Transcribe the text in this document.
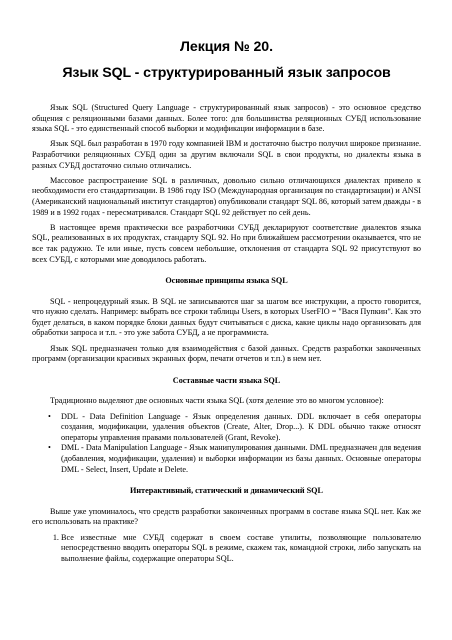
Лекция № 20.
Язык SQL - структурированный язык запросов

Язык SQL (Structured Query Language - структурированный язык запросов) - это основное средство общения с реляционными базами данных. Более того: для большинства реляционных СУБД использование языка SQL - это единственный способ выборки и модификации информации в базе.

Язык SQL был разработан в 1970 году компанией IBM и достаточно быстро получил широкое признание. Разработчики реляционных СУБД один за другим включали SQL в свои продукты, но диалекты языка в разных СУБД достаточно сильно отличались.

Массовое распространение SQL в различных, довольно сильно отличающихся диалектах привело к необходимости его стандартизации. В 1986 году ISO (Международная организация по стандартизации) и ANSI (Американский национальный институт стандартов) опубликовали стандарт SQL 86, который затем дважды - в 1989 и в 1992 годах - пересматривался. Стандарт SQL 92 действует по сей день.

В настоящее время практически все разработчики СУБД декларируют соответствие диалектов языка SQL, реализованных в их продуктах, стандарту SQL 92. Но при ближайшем рассмотрении оказывается, что не все так радужно. Те или иные, пусть совсем небольшие, отклонения от стандарта SQL 92 присутствуют во всех СУБД, с которыми мне доводилось работать.

Основные принципы языка SQL

SQL - непроцедурный язык. В SQL не записываются шаг за шагом все инструкции, а просто говорится, что нужно сделать. Например: выбрать все строки таблицы Users, в которых UserFIO = "Вася Пупкин". Как это будет делаться, в каком порядке блоки данных будут считываться с диска, какие циклы надо организовать для обработки запроса и т.п. - это уже забота СУБД, а не программиста.

Язык SQL предназначен только для взаимодействия с базой данных. Средств разработки законченных программ (организации красивых экранных форм, печати отчетов и т.п.) в нем нет.

Составные части языка SQL

Традиционно выделяют две основных части языка SQL (хотя деление это во многом условное):

• DDL - Data Definition Language - Язык определения данных. DDL включает в себя операторы создания, модификации, удаления объектов (Create, Alter, Drop...). К DDL обычно также относят операторы управления правами пользователей (Grant, Revoke).
• DML - Data Manipulation Language - Язык манипулирования данными. DML предназначен для ведения (добавления, модификации, удаления) и выборки информации из базы данных. Основные операторы DML - Select, Insert, Update и Delete.
Интерактивный, статический и динамический SQL

Выше уже упоминалось, что средств разработки законченных программ в составе языка SQL нет. Как же его использовать на практике?

1. Все известные мне СУБД содержат в своем составе утилиты, позволяющие пользователю непосредственно вводить операторы SQL в режиме, скажем так, командной строки, либо запускать на выполнение файлы, содержащие операторы SQL.
